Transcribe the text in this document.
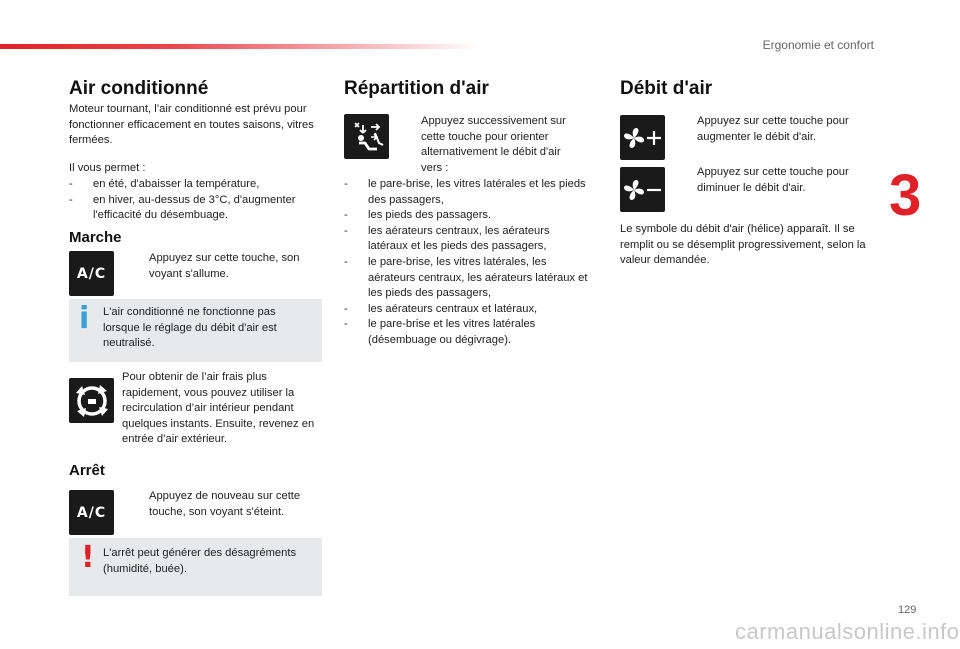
Ergonomie et confort
3
Air conditionné
Moteur tournant, l’air conditionné est prévu pour fonctionner efficacement en toutes saisons, vitres fermées.
Il vous permet :
- en été, d'abaisser la température,
- en hiver, au-dessus de 3°C, d'augmenter l'efficacité du désembuage.
Marche
A/C
Appuyez sur cette touche, son voyant s'allume.
i L'air conditionné ne fonctionne pas lorsque le réglage du débit d'air est neutralisé.
Pour obtenir de l’air frais plus rapidement, vous pouvez utiliser la recirculation d’air intérieur pendant quelques instants. Ensuite, revenez en entrée d’air extérieur.
Arrêt
A/C
Appuyez de nouveau sur cette touche, son voyant s'éteint.
! L'arrêt peut générer des désagréments (humidité, buée).
Répartition d'air
Appuyez successivement sur cette touche pour orienter alternativement le débit d'air vers :
- le pare-brise, les vitres latérales et les pieds des passagers,
- les pieds des passagers.
- les aérateurs centraux, les aérateurs latéraux et les pieds des passagers,
- le pare-brise, les vitres latérales, les aérateurs centraux, les aérateurs latéraux et les pieds des passagers,
- les aérateurs centraux et latéraux,
- le pare-brise et les vitres latérales (désembuage ou dégivrage).
Débit d'air
Appuyez sur cette touche pour augmenter le débit d'air.
Appuyez sur cette touche pour diminuer le débit d'air.
Le symbole du débit d'air (hélice) apparaît. Il se remplit ou se désemplit progressivement, selon la valeur demandée.
129
carmanualsonline.info
